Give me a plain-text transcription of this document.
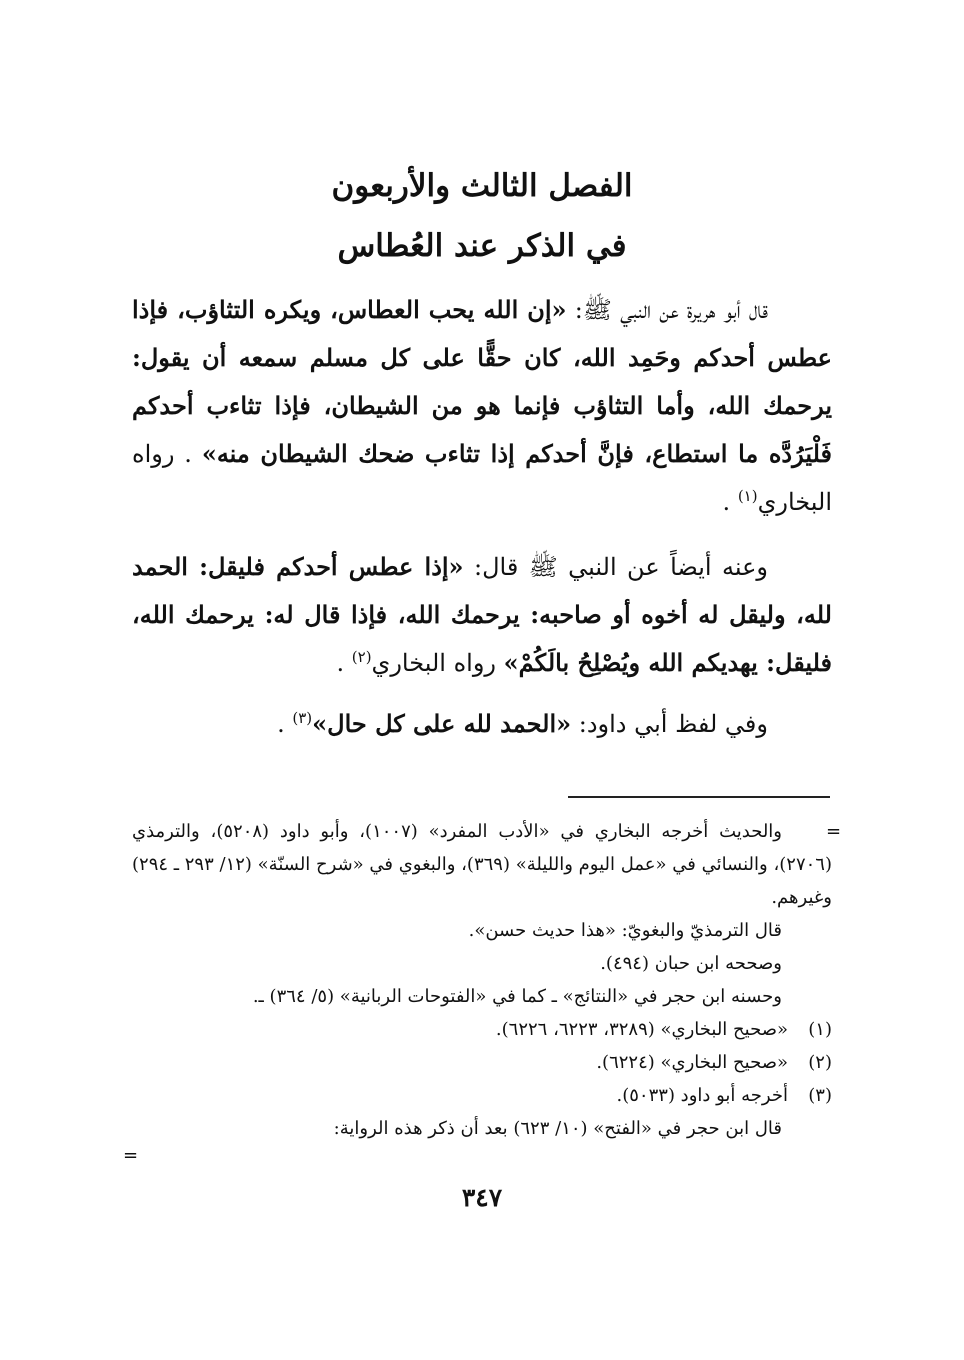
الفصل الثالث والأربعون
في الذكر عند العُطاس
قال أبو هريرة عن النبي ﷺ: «إن الله يحب العطاس، ويكره التثاؤب، فإذا عطس أحدكم وحَمِد الله، كان حقًّا على كل مسلم سمعه أن يقول: يرحمك الله، وأما التثاؤب فإنما هو من الشيطان، فإذا تثاءب أحدكم فَلْيَرُدَّه ما استطاع، فإنَّ أحدكم إذا تثاءب ضحك الشيطان منه» . رواه البخاري$^{(١)}$ .
وعنه أيضاً عن النبي ﷺ قال: «إذا عطس أحدكم فليقل: الحمد لله، وليقل له أخوه أو صاحبه: يرحمك الله، فإذا قال له: يرحمك الله، فليقل: يهديكم الله ويُصْلِحُ بالَكُمْ» رواه البخاري$^{(٢)}$ .
وفي لفظ أبي داود: «الحمد لله على كل حال»$^{(٣)}$ .
=
والحديث أخرجه البخاري في «الأدب المفرد» (١٠٠٧)، وأبو داود (٥٢٠٨)، والترمذي (٢٧٠٦)، والنسائي في «عمل اليوم والليلة» (٣٦٩)، والبغوي في «شرح السنّة» (١٢/ ٢٩٣ ـ ٢٩٤) وغيرهم.
قال الترمذيّ والبغويّ: «هذا حديث حسن».
وصححه ابن حبان (٤٩٤).
وحسنه ابن حجر في «النتائج» ـ كما في «الفتوحات الربانية» (٥/ ٣٦٤) ـ.
(١)«صحيح البخاري» (٣٢٨٩، ٦٢٢٣، ٦٢٢٦).
(٢)«صحيح البخاري» (٦٢٢٤).
(٣)أخرجه أبو داود (٥٠٣٣).
قال ابن حجر في «الفتح» (١٠/ ٦٢٣) بعد أن ذكر هذه الرواية:
=
٣٤٧
